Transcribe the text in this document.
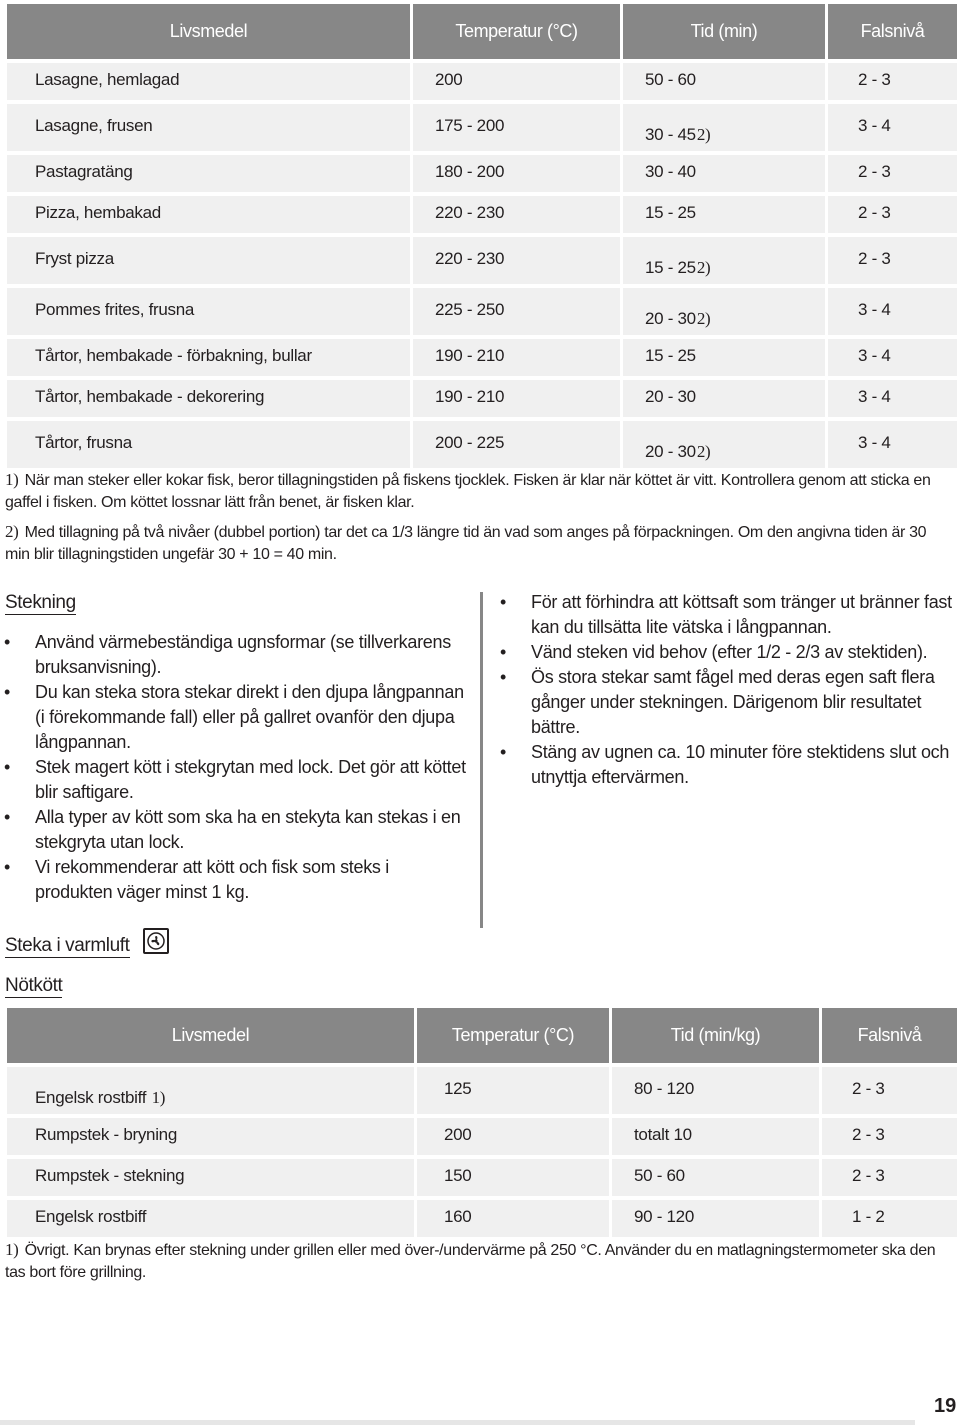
Livsmedel	Temperatur (°C)	Tid (min)	Falsnivå
Lasagne, hemlagad	200	50 - 60	2 - 3
Lasagne, frusen	175 - 200	30 - 452)	3 - 4
Pastagratäng	180 - 200	30 - 40	2 - 3
Pizza, hembakad	220 - 230	15 - 25	2 - 3
Fryst pizza	220 - 230	15 - 252)	2 - 3
Pommes frites, frusna	225 - 250	20 - 302)	3 - 4
Tårtor, hembakade - förbakning, bullar	190 - 210	15 - 25	3 - 4
Tårtor, hembakade - dekorering	190 - 210	20 - 30	3 - 4
Tårtor, frusna	200 - 225	20 - 302)	3 - 4

1) När man steker eller kokar fisk, beror tillagningstiden på fiskens tjocklek. Fisken är klar när köttet är vitt. Kontrollera genom att sticka en gaffel i fisken. Om köttet lossnar lätt från benet, är fisken klar.

2) Med tillagning på två nivåer (dubbel portion) tar det ca 1/3 längre tid än vad som anges på förpackningen. Om den angivna tiden är 30 min blir tillagningstiden ungefär 30 + 10 = 40 min.

Stekning
• Använd värmebeständiga ugnsformar (se tillverkarens bruksanvisning).
• Du kan steka stora stekar direkt i den djupa långpannan (i förekommande fall) eller på gallret ovanför den djupa långpannan.
• Stek magert kött i stekgrytan med lock. Det gör att köttet blir saftigare.
• Alla typer av kött som ska ha en stekyta kan stekas i en stekgryta utan lock.
• Vi rekommenderar att kött och fisk som steks i produkten väger minst 1 kg.
• För att förhindra att köttsaft som tränger ut bränner fast kan du tillsätta lite vätska i långpannan.
• Vänd steken vid behov (efter 1/2 - 2/3 av stektiden).
• Ös stora stekar samt fågel med deras egen saft flera gånger under stekningen. Därigenom blir resultatet bättre.
• Stäng av ugnen ca. 10 minuter före stektidens slut och utnyttja eftervärmen.
Steka i varmluft
Nötkött
Livsmedel	Temperatur (°C)	Tid (min/kg)	Falsnivå
Engelsk rostbiff 1)	125	80 - 120	2 - 3
Rumpstek - bryning	200	totalt 10	2 - 3
Rumpstek - stekning	150	50 - 60	2 - 3
Engelsk rostbiff	160	90 - 120	1 - 2

1) Övrigt. Kan brynas efter stekning under grillen eller med över-/undervärme på 250 °C. Använder du en matlagningstermometer ska den tas bort före grillning.

19
